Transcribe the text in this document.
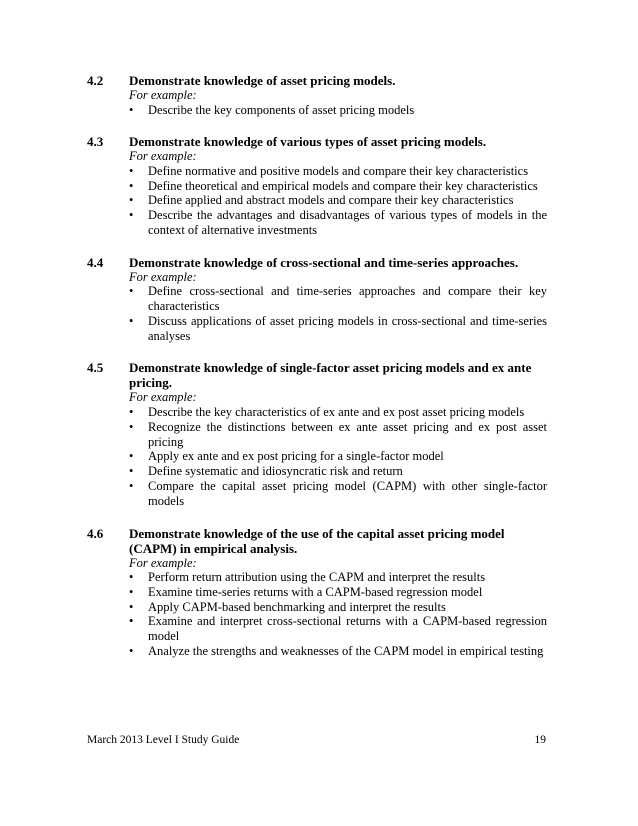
4.2	Demonstrate knowledge of asset pricing models.
For example:
• Describe the key components of asset pricing models
4.3	Demonstrate knowledge of various types of asset pricing models.
For example:
• Define normative and positive models and compare their key characteristics
• Define theoretical and empirical models and compare their key characteristics
• Define applied and abstract models and compare their key characteristics
• Describe the advantages and disadvantages of various types of models in the context of alternative investments
4.4	Demonstrate knowledge of cross-sectional and time-series approaches.
For example:
• Define cross-sectional and time-series approaches and compare their key characteristics
• Discuss applications of asset pricing models in cross-sectional and time-series analyses
4.5	Demonstrate knowledge of single-factor asset pricing models and ex ante pricing.
For example:
• Describe the key characteristics of ex ante and ex post asset pricing models
• Recognize the distinctions between ex ante asset pricing and ex post asset pricing
• Apply ex ante and ex post pricing for a single-factor model
• Define systematic and idiosyncratic risk and return
• Compare the capital asset pricing model (CAPM) with other single-factor models
4.6	Demonstrate knowledge of the use of the capital asset pricing model (CAPM) in empirical analysis.
For example:
• Perform return attribution using the CAPM and interpret the results
• Examine time-series returns with a CAPM-based regression model
• Apply CAPM-based benchmarking and interpret the results
• Examine and interpret cross-sectional returns with a CAPM-based regression model
• Analyze the strengths and weaknesses of the CAPM model in empirical testing
March 2013 Level I Study Guide	19
